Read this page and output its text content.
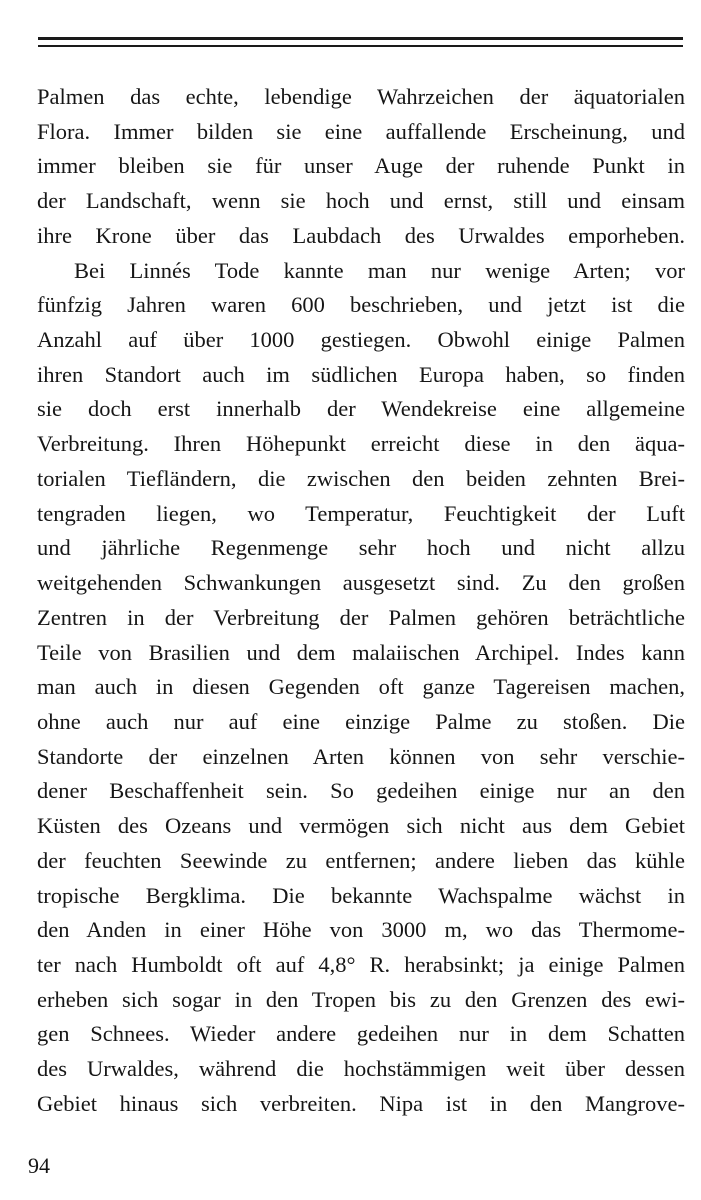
Palmen das echte, lebendige Wahrzeichen der äquatorialen
Flora. Immer bilden sie eine auffallende Erscheinung, und
immer bleiben sie für unser Auge der ruhende Punkt in
der Landschaft, wenn sie hoch und ernst, still und einsam
ihre Krone über das Laubdach des Urwaldes emporheben.
Bei Linnés Tode kannte man nur wenige Arten; vor
fünfzig Jahren waren 600 beschrieben, und jetzt ist die
Anzahl auf über 1000 gestiegen. Obwohl einige Palmen
ihren Standort auch im südlichen Europa haben, so finden
sie doch erst innerhalb der Wendekreise eine allgemeine
Verbreitung. Ihren Höhepunkt erreicht diese in den äqua-
torialen Tiefländern, die zwischen den beiden zehnten Brei-
tengraden liegen, wo Temperatur, Feuchtigkeit der Luft
und jährliche Regenmenge sehr hoch und nicht allzu
weitgehenden Schwankungen ausgesetzt sind. Zu den großen
Zentren in der Verbreitung der Palmen gehören beträchtliche
Teile von Brasilien und dem malaiischen Archipel. Indes kann
man auch in diesen Gegenden oft ganze Tagereisen machen,
ohne auch nur auf eine einzige Palme zu stoßen. Die
Standorte der einzelnen Arten können von sehr verschie-
dener Beschaffenheit sein. So gedeihen einige nur an den
Küsten des Ozeans und vermögen sich nicht aus dem Gebiet
der feuchten Seewinde zu entfernen; andere lieben das kühle
tropische Bergklima. Die bekannte Wachspalme wächst in
den Anden in einer Höhe von 3000 m, wo das Thermome-
ter nach Humboldt oft auf 4,8° R. herabsinkt; ja einige Palmen
erheben sich sogar in den Tropen bis zu den Grenzen des ewi-
gen Schnees. Wieder andere gedeihen nur in dem Schatten
des Urwaldes, während die hochstämmigen weit über dessen
Gebiet hinaus sich verbreiten. Nipa ist in den Mangrove-
94
